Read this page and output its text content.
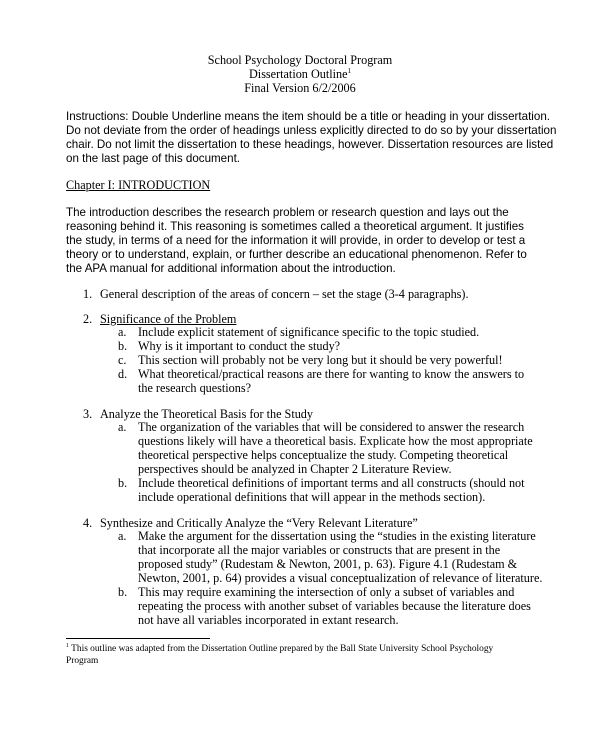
School Psychology Doctoral Program
Dissertation Outline$^1$
Final Version 6/2/2006
Instructions: Double Underline means the item should be a title or heading in your dissertation.
Do not deviate from the order of headings unless explicitly directed to do so by your dissertation
chair. Do not limit the dissertation to these headings, however. Dissertation resources are listed
on the last page of this document.
Chapter I: INTRODUCTION
The introduction describes the research problem or research question and lays out the
reasoning behind it. This reasoning is sometimes called a theoretical argument. It justifies
the study, in terms of a need for the information it will provide, in order to develop or test a
theory or to understand, explain, or further describe an educational phenomenon. Refer to
the APA manual for additional information about the introduction.
1. General description of the areas of concern – set the stage (3-4 paragraphs).
2. Significance of the Problem
a. Include explicit statement of significance specific to the topic studied.
b. Why is it important to conduct the study?
c. This section will probably not be very long but it should be very powerful!
d. What theoretical/practical reasons are there for wanting to know the answers to
the research questions?
3. Analyze the Theoretical Basis for the Study
a. The organization of the variables that will be considered to answer the research
questions likely will have a theoretical basis. Explicate how the most appropriate
theoretical perspective helps conceptualize the study. Competing theoretical
perspectives should be analyzed in Chapter 2 Literature Review.
b. Include theoretical definitions of important terms and all constructs (should not
include operational definitions that will appear in the methods section).
4. Synthesize and Critically Analyze the “Very Relevant Literature”
a. Make the argument for the dissertation using the “studies in the existing literature
that incorporate all the major variables or constructs that are present in the
proposed study” (Rudestam & Newton, 2001, p. 63). Figure 4.1 (Rudestam &
Newton, 2001, p. 64) provides a visual conceptualization of relevance of literature.
b. This may require examining the intersection of only a subset of variables and
repeating the process with another subset of variables because the literature does
not have all variables incorporated in extant research.
$^1$ This outline was adapted from the Dissertation Outline prepared by the Ball State University School Psychology
Program
